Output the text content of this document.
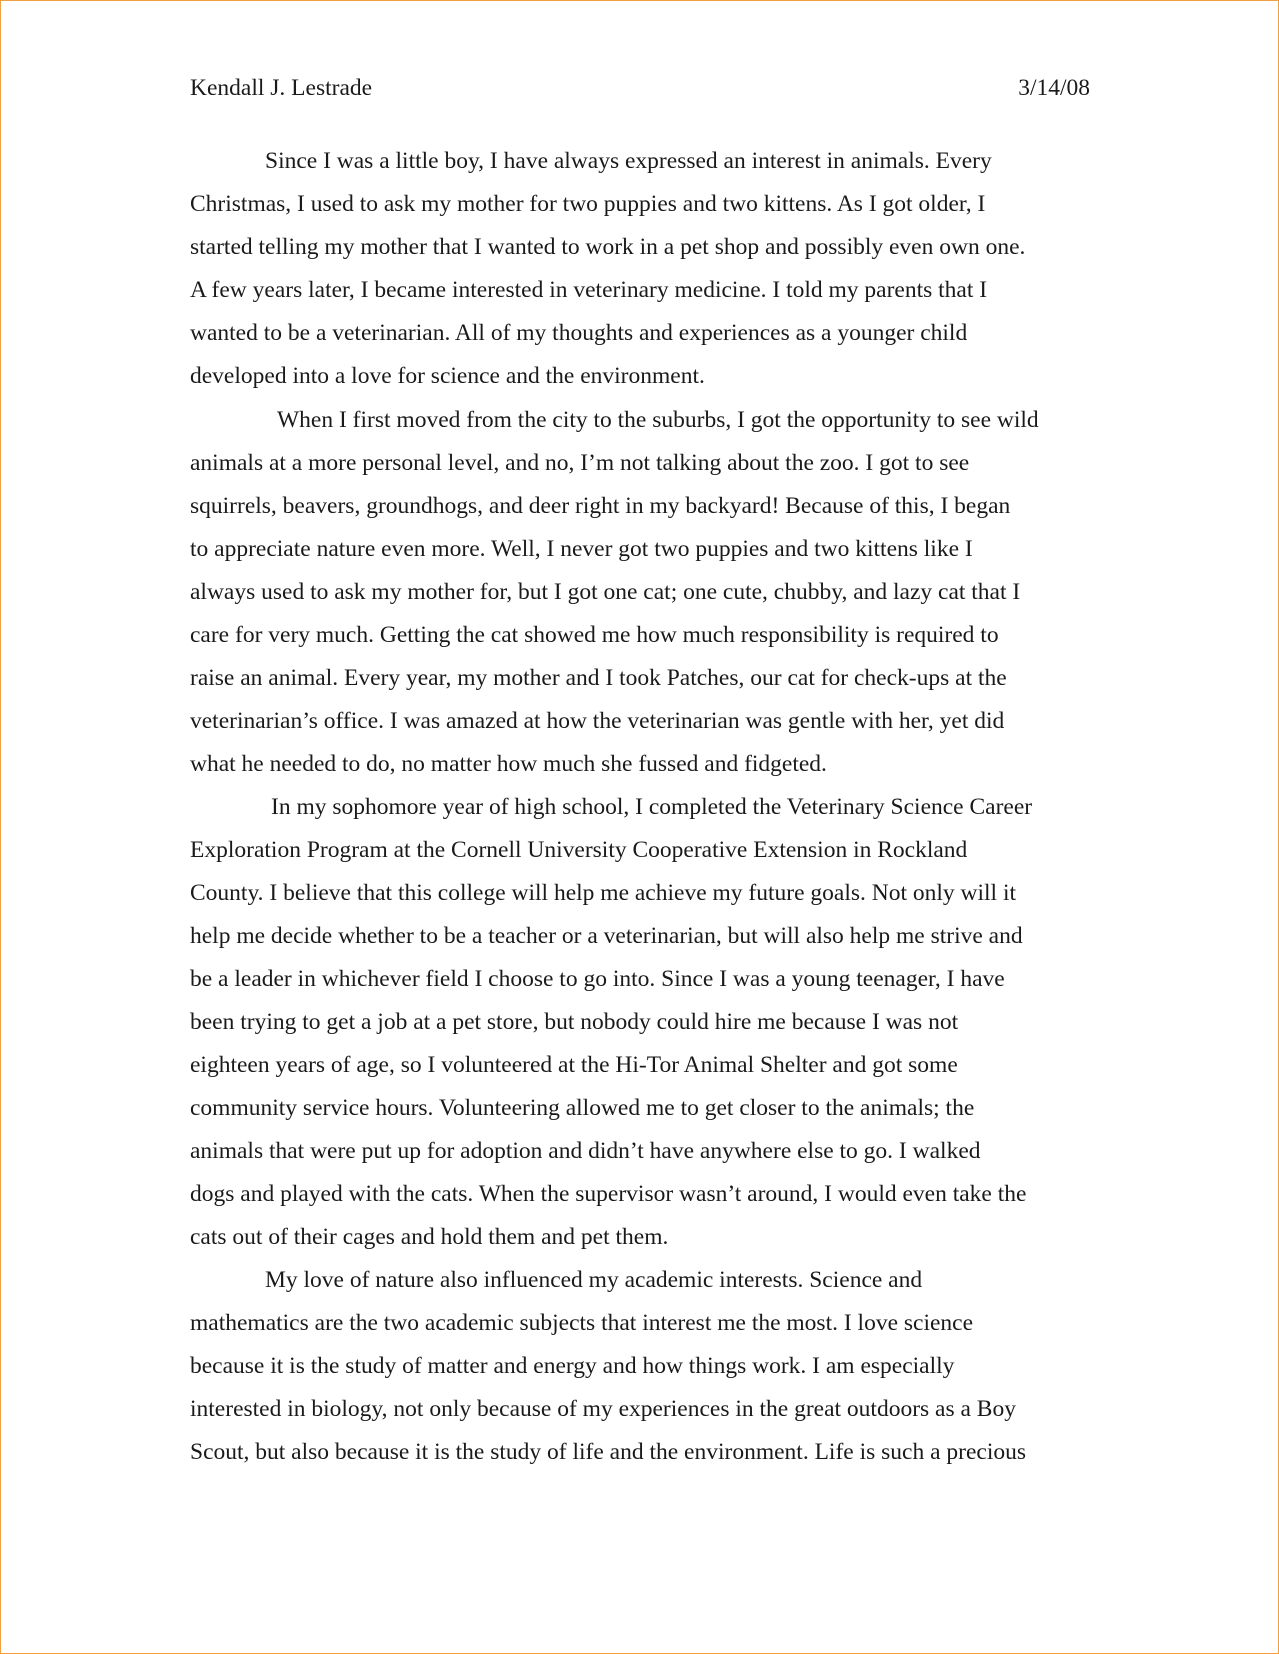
Kendall J. Lestrade	3/14/08
Since I was a little boy, I have always expressed an interest in animals. Every
Christmas, I used to ask my mother for two puppies and two kittens. As I got older, I
started telling my mother that I wanted to work in a pet shop and possibly even own one.
A few years later, I became interested in veterinary medicine. I told my parents that I
wanted to be a veterinarian. All of my thoughts and experiences as a younger child
developed into a love for science and the environment.
When I first moved from the city to the suburbs, I got the opportunity to see wild
animals at a more personal level, and no, I’m not talking about the zoo. I got to see
squirrels, beavers, groundhogs, and deer right in my backyard! Because of this, I began
to appreciate nature even more. Well, I never got two puppies and two kittens like I
always used to ask my mother for, but I got one cat; one cute, chubby, and lazy cat that I
care for very much. Getting the cat showed me how much responsibility is required to
raise an animal. Every year, my mother and I took Patches, our cat for check-ups at the
veterinarian’s office. I was amazed at how the veterinarian was gentle with her, yet did
what he needed to do, no matter how much she fussed and fidgeted.
In my sophomore year of high school, I completed the Veterinary Science Career
Exploration Program at the Cornell University Cooperative Extension in Rockland
County. I believe that this college will help me achieve my future goals. Not only will it
help me decide whether to be a teacher or a veterinarian, but will also help me strive and
be a leader in whichever field I choose to go into. Since I was a young teenager, I have
been trying to get a job at a pet store, but nobody could hire me because I was not
eighteen years of age, so I volunteered at the Hi-Tor Animal Shelter and got some
community service hours. Volunteering allowed me to get closer to the animals; the
animals that were put up for adoption and didn’t have anywhere else to go. I walked
dogs and played with the cats. When the supervisor wasn’t around, I would even take the
cats out of their cages and hold them and pet them.
My love of nature also influenced my academic interests. Science and
mathematics are the two academic subjects that interest me the most. I love science
because it is the study of matter and energy and how things work. I am especially
interested in biology, not only because of my experiences in the great outdoors as a Boy
Scout, but also because it is the study of life and the environment. Life is such a precious
